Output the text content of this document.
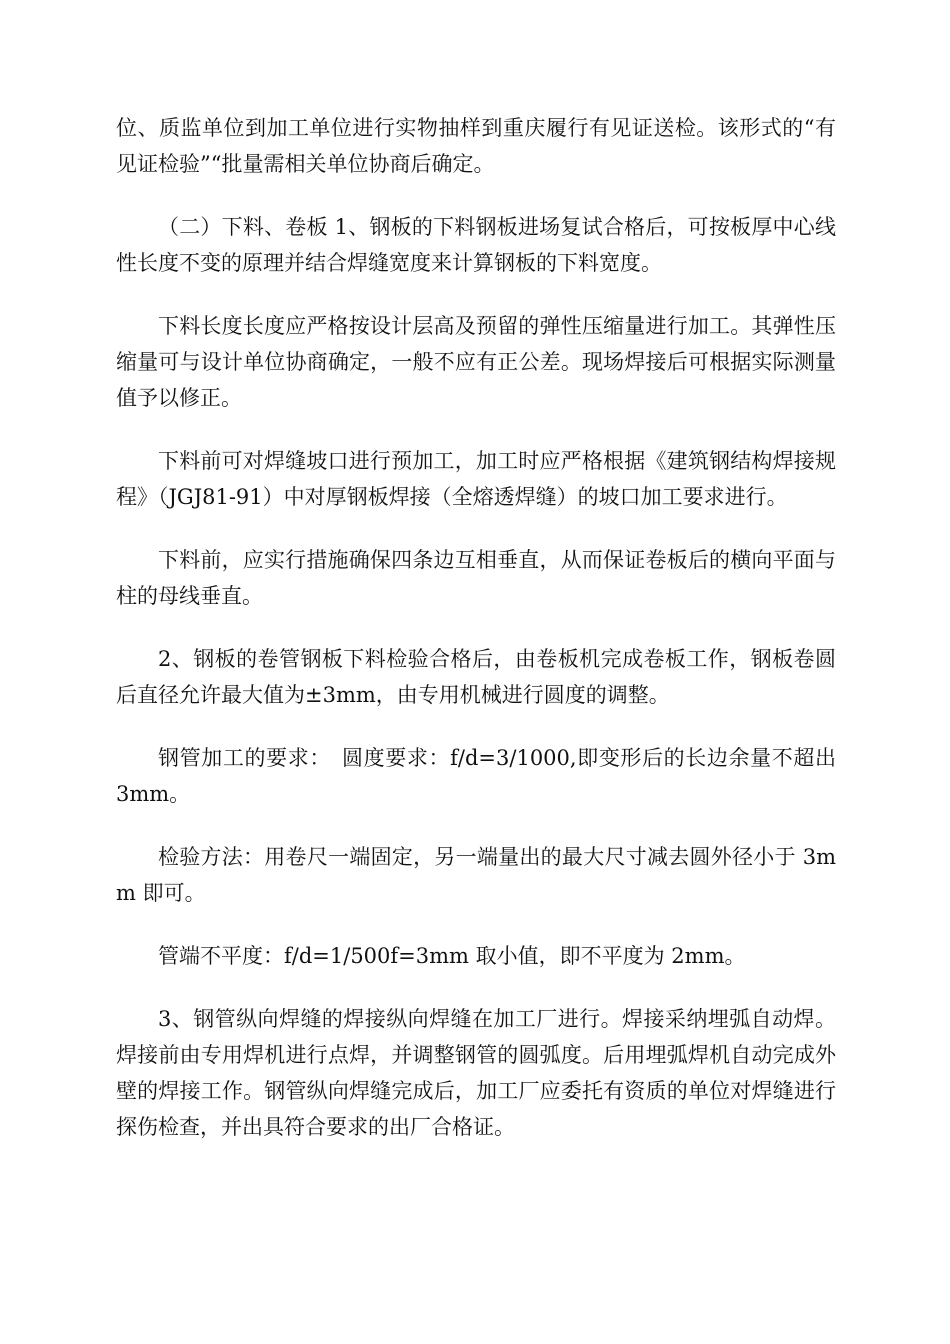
位、质监单位到加工单位进行实物抽样到重庆履行有见证送检。该形式的“有见证检验”“批量需相关单位协商后确定。

（二）下料、卷板 1、钢板的下料钢板进场复试合格后，可按板厚中心线性长度不变的原理并结合焊缝宽度来计算钢板的下料宽度。

下料长度长度应严格按设计层高及预留的弹性压缩量进行加工。其弹性压缩量可与设计单位协商确定，一般不应有正公差。现场焊接后可根据实际测量值予以修正。

下料前可对焊缝坡口进行预加工，加工时应严格根据《建筑钢结构焊接规程》（JGJ81-91）中对厚钢板焊接（全熔透焊缝）的坡口加工要求进行。

下料前，应实行措施确保四条边互相垂直，从而保证卷板后的横向平面与柱的母线垂直。

2、钢板的卷管钢板下料检验合格后，由卷板机完成卷板工作，钢板卷圆后直径允许最大值为±3mm，由专用机械进行圆度的调整。

钢管加工的要求：　圆度要求：f/d=3/1000,即变形后的长边余量不超出 3mm。

检验方法：用卷尺一端固定，另一端量出的最大尺寸减去圆外径小于 3mm 即可。

管端不平度：f/d=1/500f=3mm 取小值，即不平度为 2mm。

3、钢管纵向焊缝的焊接纵向焊缝在加工厂进行。焊接采纳埋弧自动焊。焊接前由专用焊机进行点焊，并调整钢管的圆弧度。后用埋弧焊机自动完成外壁的焊接工作。钢管纵向焊缝完成后，加工厂应委托有资质的单位对焊缝进行探伤检查，并出具符合要求的出厂合格证。
